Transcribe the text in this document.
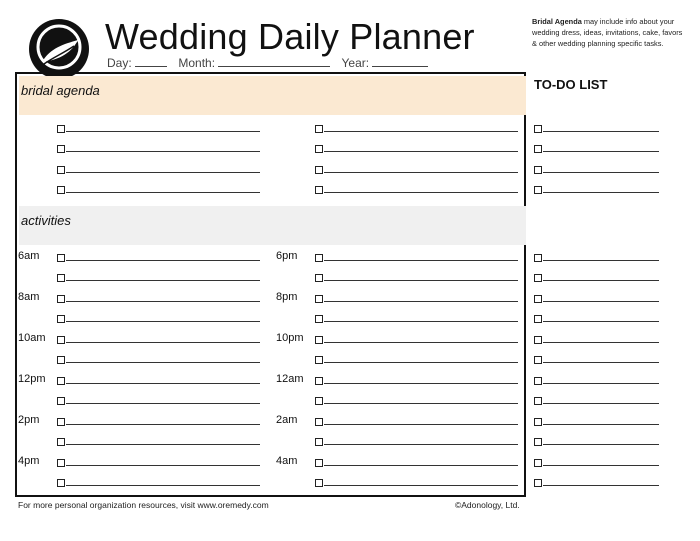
Wedding Daily Planner
Day:	Month:	Year:
Bridal Agenda may include info about your wedding dress, ideas, invitations, cake, favors & other wedding planning specific tasks.
bridal agenda
activities
TO-DO LIST
6am	6pm
8am	8pm
10am	10pm
12pm	12am
2pm	2am
4pm	4am
For more personal organization resources, visit www.oremedy.com	©Adonology, Ltd.
